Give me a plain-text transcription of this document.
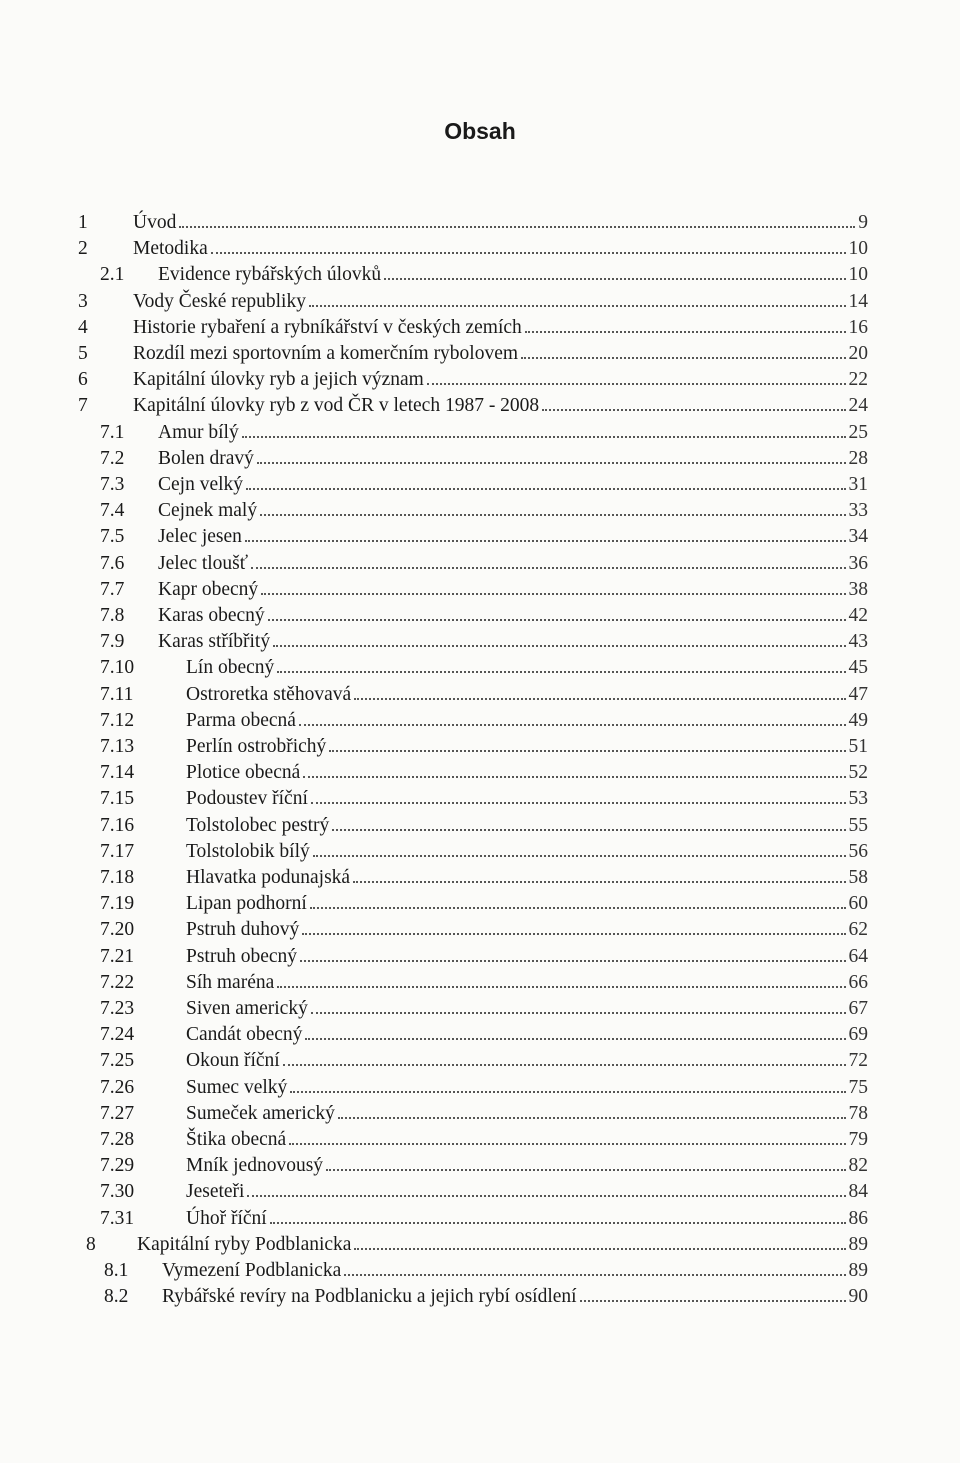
Obsah
1 Úvod	9
2 Metodika	10
2.1 Evidence rybářských úlovků	10
3 Vody České republiky	14
4 Historie rybaření a rybníkářství v českých zemích	16
5 Rozdíl mezi sportovním a komerčním rybolovem	20
6 Kapitální úlovky ryb a jejich význam	22
7 Kapitální úlovky ryb z vod ČR v letech 1987 - 2008	24
7.1 Amur bílý	25
7.2 Bolen dravý	28
7.3 Cejn velký	31
7.4 Cejnek malý	33
7.5 Jelec jesen	34
7.6 Jelec tloušť	36
7.7 Kapr obecný	38
7.8 Karas obecný	42
7.9 Karas stříbřitý	43
7.10	Lín obecný	45
7.11	Ostroretka stěhovavá	47
7.12	Parma obecná	49
7.13	Perlín ostrobřichý	51
7.14	Plotice obecná	52
7.15	Podoustev říční	53
7.16	Tolstolobec pestrý	55
7.17	Tolstolobik bílý	56
7.18	Hlavatka podunajská	58
7.19	Lipan podhorní	60
7.20	Pstruh duhový	62
7.21	Pstruh obecný	64
7.22	Síh maréna	66
7.23	Siven americký	67
7.24	Candát obecný	69
7.25	Okoun říční	72
7.26	Sumec velký	75
7.27	Sumeček americký	78
7.28	Štika obecná	79
7.29	Mník jednovousý	82
7.30	Jeseteři	84
7.31	Úhoř říční	86
8 Kapitální ryby Podblanicka	89
8.1 Vymezení Podblanicka	89
8.2 Rybářské revíry na Podblanicku a jejich rybí osídlení	90
